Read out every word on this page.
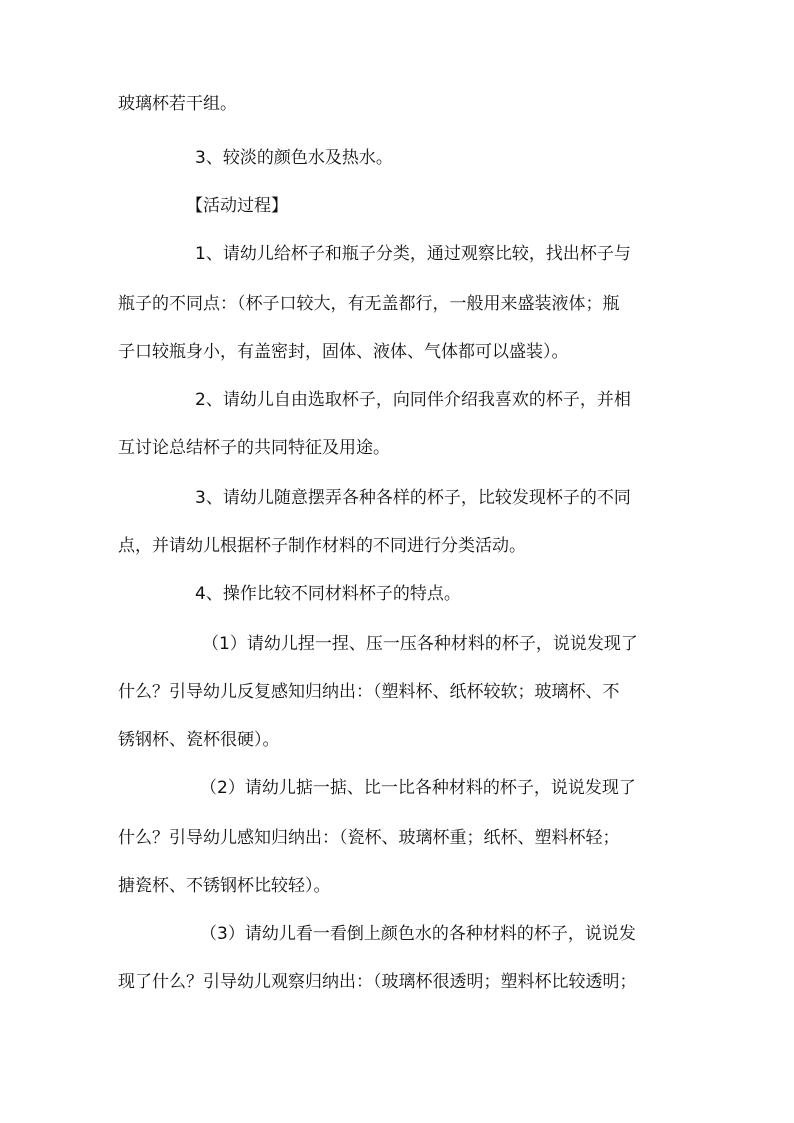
玻璃杯若干组。
3、较淡的颜色水及热水。
【活动过程】
1、请幼儿给杯子和瓶子分类，通过观察比较，找出杯子与
瓶子的不同点：（杯子口较大，有无盖都行，一般用来盛装液体；瓶
子口较瓶身小，有盖密封，固体、液体、气体都可以盛装）。
2、请幼儿自由选取杯子，向同伴介绍我喜欢的杯子，并相
互讨论总结杯子的共同特征及用途。
3、请幼儿随意摆弄各种各样的杯子，比较发现杯子的不同
点，并请幼儿根据杯子制作材料的不同进行分类活动。
4、操作比较不同材料杯子的特点。
（1）请幼儿捏一捏、压一压各种材料的杯子，说说发现了
什么？引导幼儿反复感知归纳出：（塑料杯、纸杯较软；玻璃杯、不
锈钢杯、瓷杯很硬）。
（2）请幼儿掂一掂、比一比各种材料的杯子，说说发现了
什么？引导幼儿感知归纳出：（瓷杯、玻璃杯重；纸杯、塑料杯轻；
搪瓷杯、不锈钢杯比较轻）。
（3）请幼儿看一看倒上颜色水的各种材料的杯子，说说发
现了什么？引导幼儿观察归纳出：（玻璃杯很透明；塑料杯比较透明；
